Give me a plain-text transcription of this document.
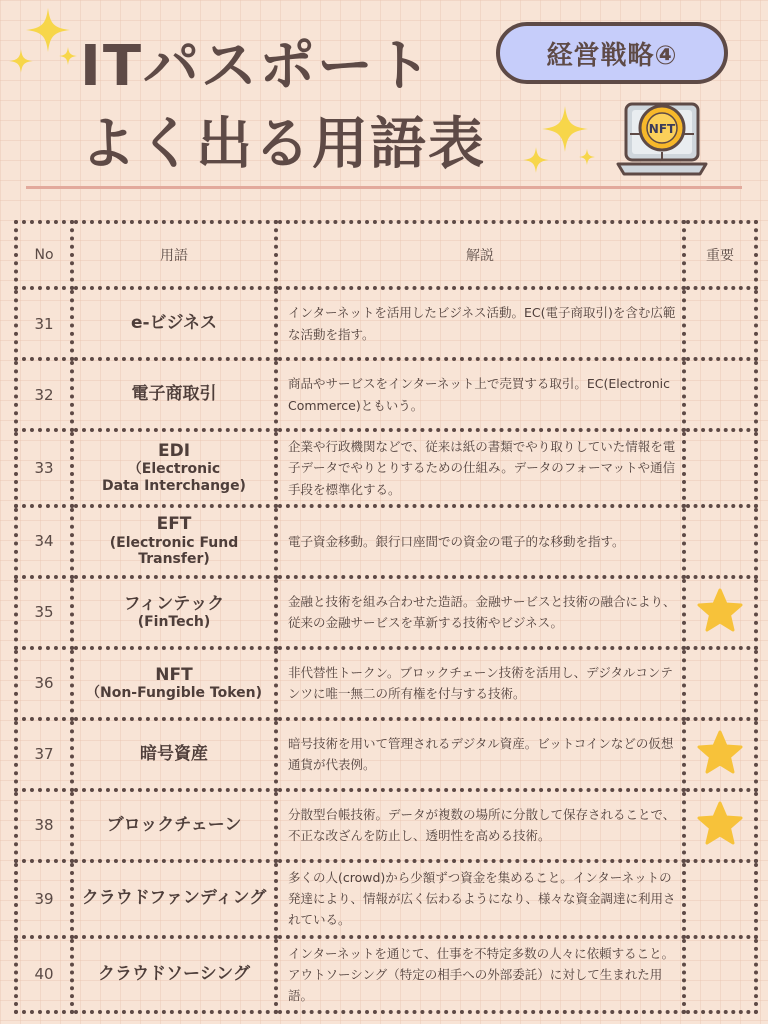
ITパスポート
よく出る用語表
経営戦略④
NFT
No	用語	解説	重要
31	e-ビジネス	インターネットを活用したビジネス活動。EC(電子商取引)を含む広範な活動を指す。	
32	電子商取引	商品やサービスをインターネット上で売買する取引。EC(Electronic Commerce)ともいう。	
33	EDI
（Electronic
Data Interchange)	企業や行政機関などで、従来は紙の書類でやり取りしていた情報を電子データでやりとりするための仕組み。データのフォーマットや通信手段を標準化する。	
34	EFT
(Electronic Fund
Transfer)	電子資金移動。銀行口座間での資金の電子的な移動を指す。	
35	フィンテック
(FinTech)	金融と技術を組み合わせた造語。金融サービスと技術の融合により、従来の金融サービスを革新する技術やビジネス。	
36	NFT
（Non-Fungible Token)	非代替性トークン。ブロックチェーン技術を活用し、デジタルコンテンツに唯一無二の所有権を付与する技術。	
37	暗号資産	暗号技術を用いて管理されるデジタル資産。ビットコインなどの仮想通貨が代表例。	
38	ブロックチェーン	分散型台帳技術。データが複数の場所に分散して保存されることで、不正な改ざんを防止し、透明性を高める技術。	
39	クラウドファンディング	多くの人(crowd)から少額ずつ資金を集めること。インターネットの発達により、情報が広く伝わるようになり、様々な資金調達に利用されている。	
40	クラウドソーシング	インターネットを通じて、仕事を不特定多数の人々に依頼すること。アウトソーシング（特定の相手への外部委託）に対して生まれた用語。	
